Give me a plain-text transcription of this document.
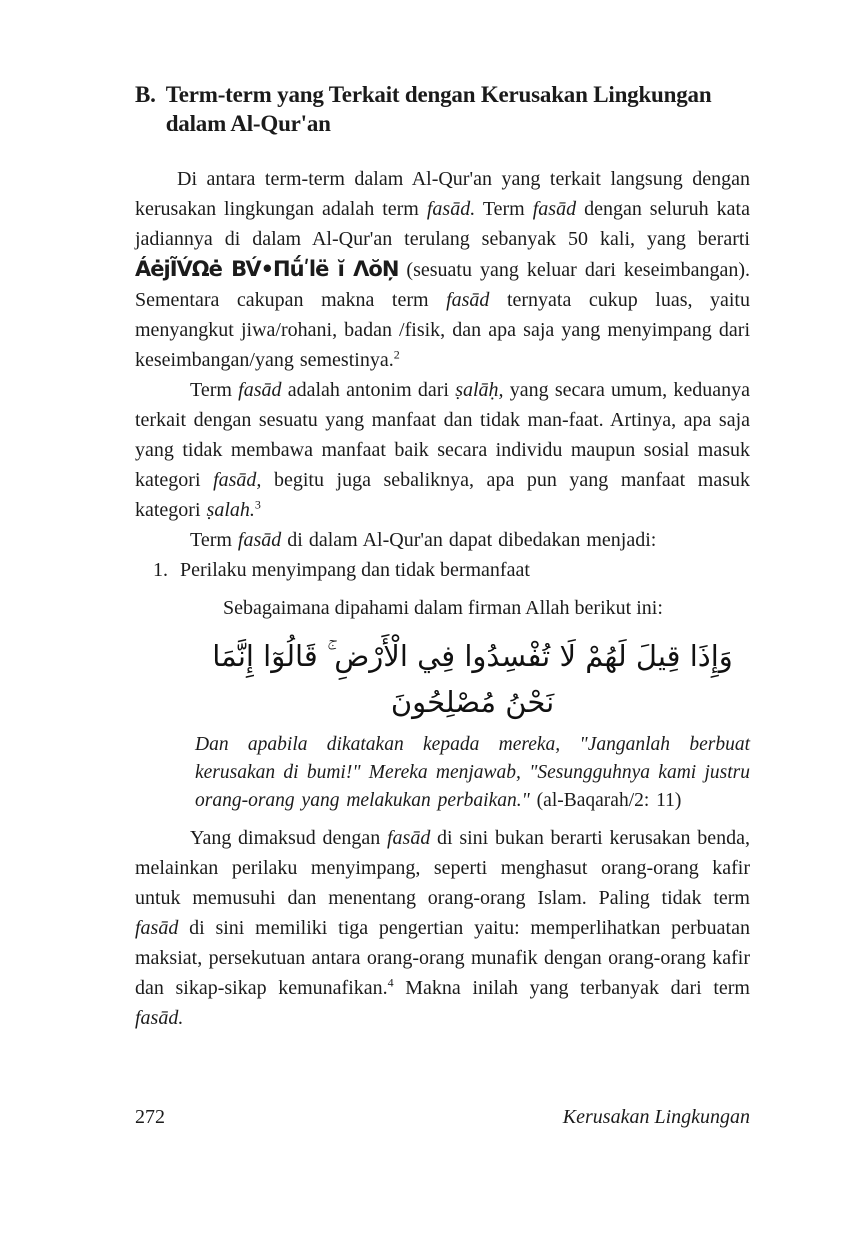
B. Term-term yang Terkait dengan Kerusakan Lingkungan dalam Al-Qur'an

Di antara term-term dalam Al-Qur'an yang terkait langsung dengan kerusakan lingkungan adalah term fasād. Term fasād dengan seluruh kata jadiannya di dalam Al-Qur'an terulang sebanyak 50 kali, yang berarti ÁėjĨV́Ωė BV́•Πū́ʹlë ĭ ΛŏŅ (sesuatu yang keluar dari keseimbangan). Sementara cakupan makna term fasād ternyata cukup luas, yaitu menyangkut jiwa/rohani, badan /fisik, dan apa saja yang menyimpang dari keseimbangan/yang semestinya.$^2$

Term fasād adalah antonim dari ṣalāḥ, yang secara umum, keduanya terkait dengan sesuatu yang manfaat dan tidak man-faat. Artinya, apa saja yang tidak membawa manfaat baik secara individu maupun sosial masuk kategori fasād, begitu juga sebaliknya, apa pun yang manfaat masuk kategori ṣalah.$^3$

Term fasād di dalam Al-Qur'an dapat dibedakan menjadi:

1. Perilaku menyimpang dan tidak bermanfaat

Sebagaimana dipahami dalam firman Allah berikut ini:

وَإِذَا قِيلَ لَهُمْ لَا تُفْسِدُوا فِي الْأَرْضِ ۚ قَالُوٓا إِنَّمَا نَحْنُ مُصْلِحُونَ

Dan apabila dikatakan kepada mereka, "Janganlah berbuat kerusakan di bumi!" Mereka menjawab, "Sesungguhnya kami justru orang-orang yang melakukan perbaikan." (al-Baqarah/2: 11)

Yang dimaksud dengan fasād di sini bukan berarti kerusakan benda, melainkan perilaku menyimpang, seperti menghasut orang-orang kafir untuk memusuhi dan menentang orang-orang Islam. Paling tidak term fasād di sini memiliki tiga pengertian yaitu: memperlihatkan perbuatan maksiat, persekutuan antara orang-orang munafik dengan orang-orang kafir dan sikap-sikap kemunafikan.$^4$ Makna inilah yang terbanyak dari term fasād.

272	Kerusakan Lingkungan
